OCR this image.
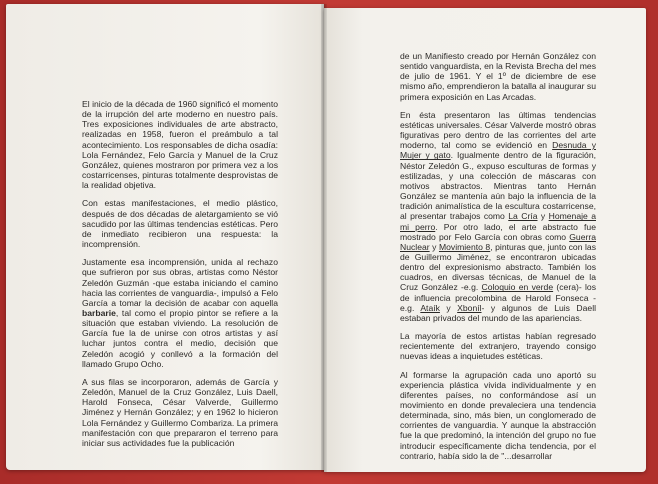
El inicio de la década de 1960 significó el momento de la irrupción del arte moderno en nuestro país. Tres exposiciones individuales de arte abstracto, realizadas en 1958, fueron el preámbulo a tal acontecimiento. Los responsables de dicha osadía: Lola Fernández, Felo García y Manuel de la Cruz González, quienes mostraron por primera vez a los costarricenses, pinturas totalmente desprovistas de la realidad objetiva.

Con estas manifestaciones, el medio plástico, después de dos décadas de aletargamiento se vió sacudido por las últimas tendencias estéticas. Pero de inmediato recibieron una respuesta: la incomprensión.

Justamente esa incomprensión, unida al rechazo que sufrieron por sus obras, artistas como Néstor Zeledón Guzmán -que estaba iniciando el camino hacia las corrientes de vanguardia-, impulsó a Felo García a tomar la decisión de acabar con aquella barbarie, tal como el propio pintor se refiere a la situación que estaban viviendo. La resolución de García fue la de unirse con otros artistas y así luchar juntos contra el medio, decisión que Zeledón acogió y conllevó a la formación del llamado Grupo Ocho.

A sus filas se incorporaron, además de García y Zeledón, Manuel de la Cruz González, Luis Daell, Harold Fonseca, César Valverde, Guillermo Jiménez y Hernán González; y en 1962 lo hicieron Lola Fernández y Guillermo Combariza. La primera manifestación con que prepararon el terreno para iniciar sus actividades fue la publicación

de un Manifiesto creado por Hernán González con sentido vanguardista, en la Revista Brecha del mes de julio de 1961. Y el 1º de diciembre de ese mismo año, emprendieron la batalla al inaugurar su primera exposición en Las Arcadas.

En ésta presentaron las últimas tendencias estéticas universales. César Valverde mostró obras figurativas pero dentro de las corrientes del arte moderno, tal como se evidenció en Desnuda y Mujer y gato. Igualmente dentro de la figuración, Néstor Zeledón G., expuso esculturas de formas y estilizadas, y una colección de máscaras con motivos abstractos. Mientras tanto Hernán González se mantenía aún bajo la influencia de la tradición animalística de la escultura costarricense, al presentar trabajos como La Cría y Homenaje a mi perro. Por otro lado, el arte abstracto fue mostrado por Felo García con obras como Guerra Nuclear y Movimiento 8, pinturas que, junto con las de Guillermo Jiménez, se encontraron ubicadas dentro del expresionismo abstracto. También los cuadros, en diversas técnicas, de Manuel de la Cruz González -e.g. Coloquio en verde (cera)- los de influencia precolombina de Harold Fonseca -e.g. Ataík y Xboníl- y algunos de Luis Daell estaban privados del mundo de las apariencias.

La mayoría de estos artistas habían regresado recientemente del extranjero, trayendo consigo nuevas ideas a inquietudes estéticas.

Al formarse la agrupación cada uno aportó su experiencia plástica vivida individualmente y en diferentes países, no conformándose así un movimiento en donde prevaleciera una tendencia determinada, sino, más bien, un conglomerado de corrientes de vanguardia. Y aunque la abstracción fue la que predominó, la intención del grupo no fue introducir específicamente dicha tendencia, por el contrario, había sido la de "...desarrollar
